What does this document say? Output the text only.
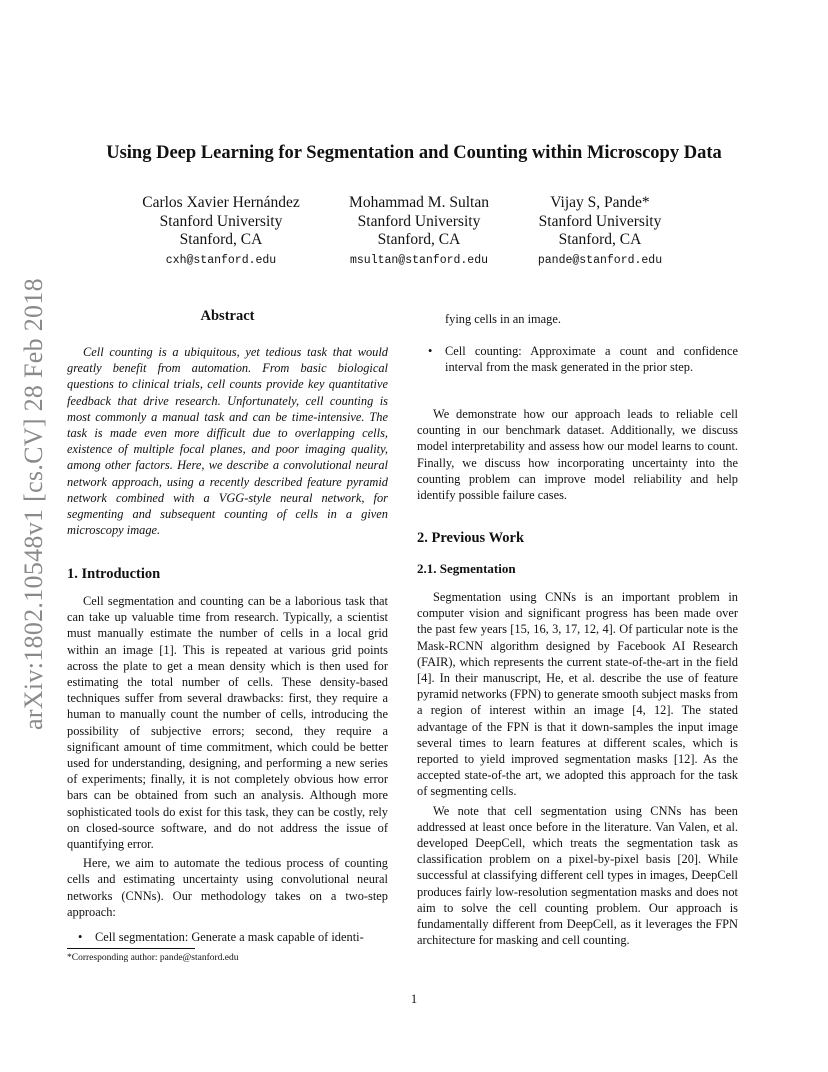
arXiv:1802.10548v1 [cs.CV] 28 Feb 2018
Using Deep Learning for Segmentation and Counting within Microscopy Data
Carlos Xavier Hernández
Stanford University
Stanford, CA
cxh@stanford.edu
Mohammad M. Sultan
Stanford University
Stanford, CA
msultan@stanford.edu
Vijay S, Pande*
Stanford University
Stanford, CA
pande@stanford.edu
Abstract

Cell counting is a ubiquitous, yet tedious task that would greatly benefit from automation. From basic biological questions to clinical trials, cell counts provide key quantitative feedback that drive research. Unfortunately, cell counting is most commonly a manual task and can be time-intensive. The task is made even more difficult due to overlapping cells, existence of multiple focal planes, and poor imaging quality, among other factors. Here, we describe a convolutional neural network approach, using a recently described feature pyramid network combined with a VGG-style neural network, for segmenting and subsequent counting of cells in a given microscopy image.

1. Introduction

Cell segmentation and counting can be a laborious task that can take up valuable time from research. Typically, a scientist must manually estimate the number of cells in a local grid within an image [1]. This is repeated at various grid points across the plate to get a mean density which is then used for estimating the total number of cells. These density-based techniques suffer from several drawbacks: first, they require a human to manually count the number of cells, introducing the possibility of subjective errors; second, they require a significant amount of time commitment, which could be better used for understanding, designing, and performing a new series of experiments; finally, it is not completely obvious how error bars can be obtained from such an analysis. Although more sophisticated tools do exist for this task, they can be costly, rely on closed-source software, and do not address the issue of quantifying error.

Here, we aim to automate the tedious process of counting cells and estimating uncertainty using convolutional neural networks (CNNs). Our methodology takes on a two-step approach:

•	Cell segmentation: Generate a mask capable of identi-
*Corresponding author: pande@stanford.edu
fying cells in an image.
•	Cell counting: Approximate a count and confidence interval from the mask generated in the prior step.

We demonstrate how our approach leads to reliable cell counting in our benchmark dataset. Additionally, we discuss model interpretability and assess how our model learns to count. Finally, we discuss how incorporating uncertainty into the counting problem can improve model reliability and help identify possible failure cases.

2. Previous Work
2.1. Segmentation

Segmentation using CNNs is an important problem in computer vision and significant progress has been made over the past few years [15, 16, 3, 17, 12, 4]. Of particular note is the Mask-RCNN algorithm designed by Facebook AI Research (FAIR), which represents the current state-of-the-art in the field [4]. In their manuscript, He, et al. describe the use of feature pyramid networks (FPN) to generate smooth subject masks from a region of interest within an image [4, 12]. The stated advantage of the FPN is that it down-samples the input image several times to learn features at different scales, which is reported to yield improved segmentation masks [12]. As the accepted state-of-the art, we adopted this approach for the task of segmenting cells.

We note that cell segmentation using CNNs has been addressed at least once before in the literature. Van Valen, et al. developed DeepCell, which treats the segmentation task as classification problem on a pixel-by-pixel basis [20]. While successful at classifying different cell types in images, DeepCell produces fairly low-resolution segmentation masks and does not aim to solve the cell counting problem. Our approach is fundamentally different from DeepCell, as it leverages the FPN architecture for masking and cell counting.

1
